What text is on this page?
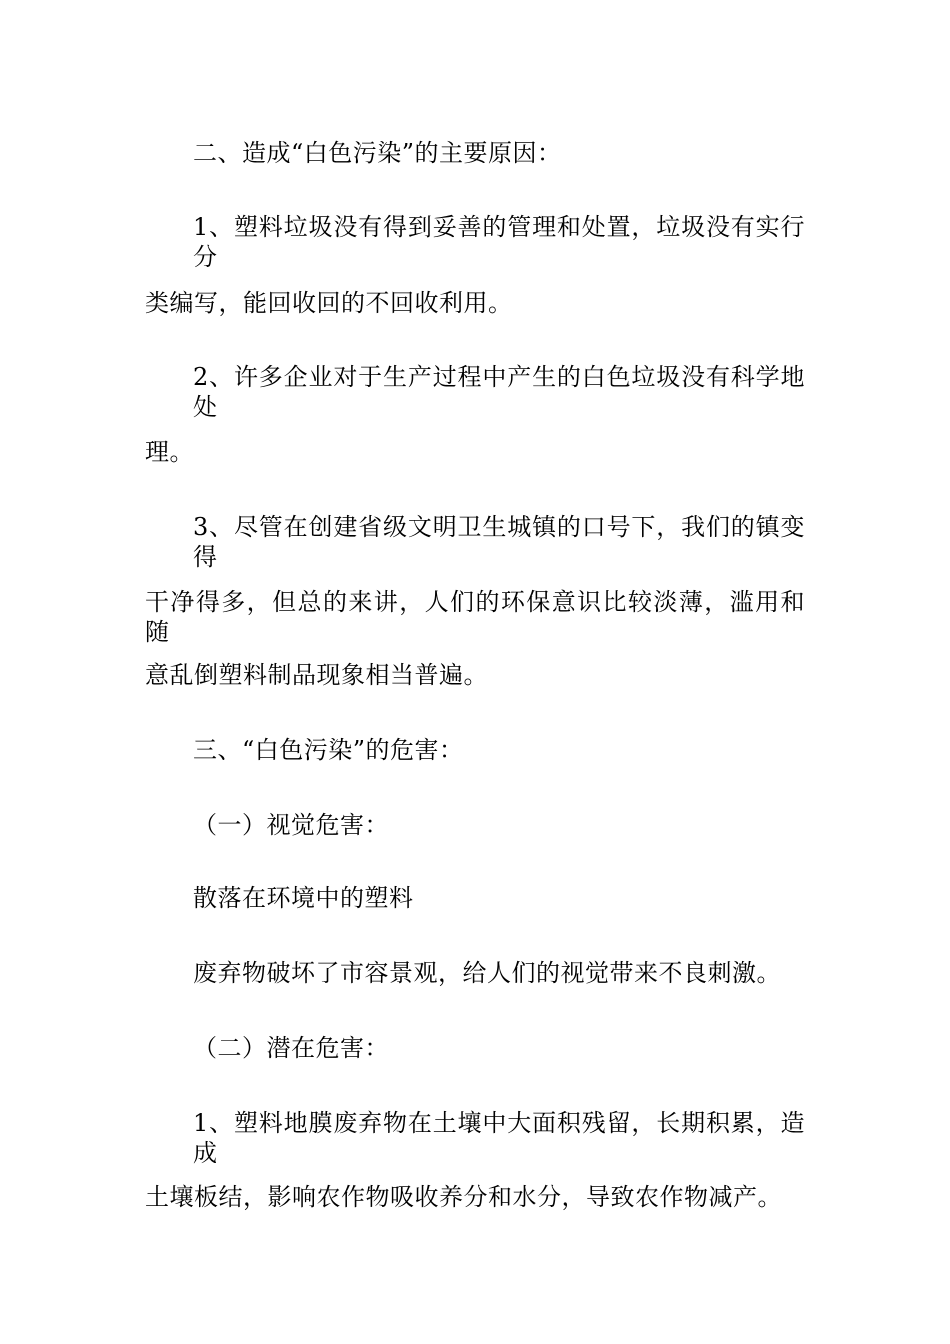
二、造成“白色污染”的主要原因：
1、塑料垃圾没有得到妥善的管理和处置，垃圾没有实行分
类编写，能回收回的不回收利用。
2、许多企业对于生产过程中产生的白色垃圾没有科学地处
理。
3、尽管在创建省级文明卫生城镇的口号下，我们的镇变得
干净得多，但总的来讲，人们的环保意识比较淡薄，滥用和随
意乱倒塑料制品现象相当普遍。
三、“白色污染”的危害：
（一）视觉危害：
散落在环境中的塑料
废弃物破坏了市容景观，给人们的视觉带来不良刺激。
（二）潜在危害：
1、塑料地膜废弃物在土壤中大面积残留，长期积累，造成
土壤板结，影响农作物吸收养分和水分，导致农作物减产。
